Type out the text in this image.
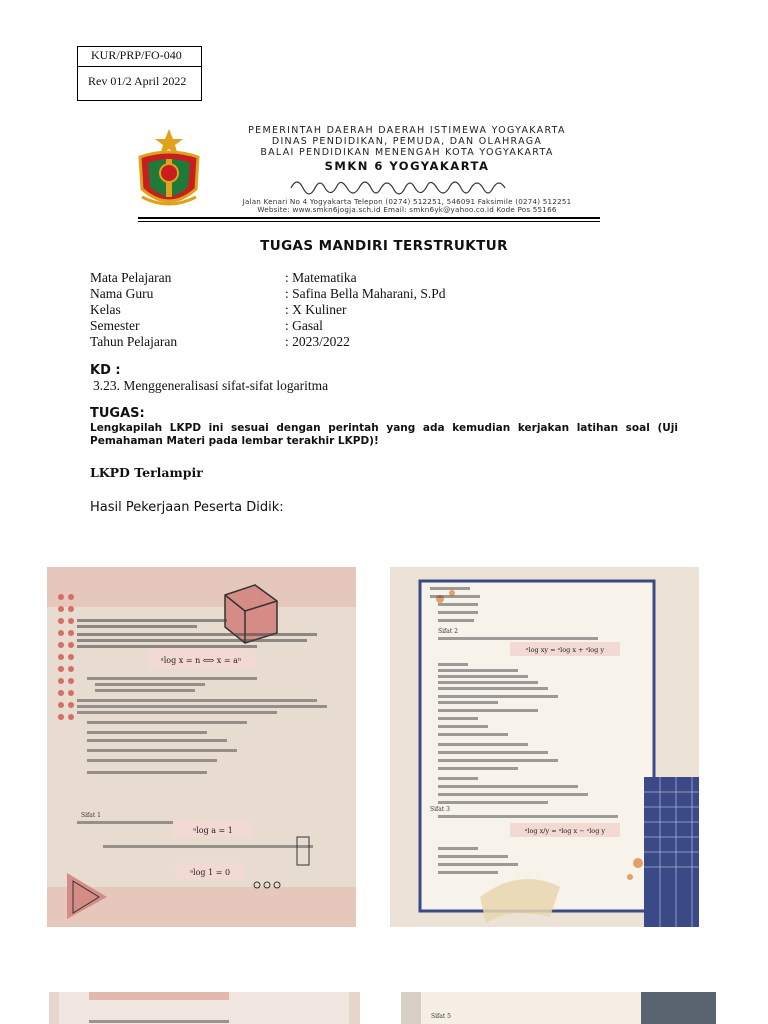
KUR/PRP/FO-040
Rev 01/2 April 2022
PEMERINTAH DAERAH DAERAH ISTIMEWA YOGYAKARTA
DINAS PENDIDIKAN, PEMUDA, DAN OLAHRAGA
BALAI PENDIDIKAN MENENGAH KOTA YOGYAKARTA
SMKN 6 YOGYAKARTA
Jalan Kenari No 4 Yogyakarta Telepon (0274) 512251, 546091 Faksimile (0274) 512251
Website: www.smkn6jogja.sch.id Email: smkn6yk@yahoo.co.id Kode Pos 55166
TUGAS MANDIRI TERSTRUKTUR
Mata Pelajaran	: Matematika
Nama Guru	: Safina Bella Maharani, S.Pd
Kelas	: X Kuliner
Semester	: Gasal
Tahun Pelajaran	: 2023/2022
KD :
3.23. Menggeneralisasi sifat-sifat logaritma
TUGAS:
Lengkapilah LKPD ini sesuai dengan perintah yang ada kemudian kerjakan latihan soal (Uji Pemahaman Materi pada lembar terakhir LKPD)!
LKPD Terlampir
Hasil Pekerjaan Peserta Didik:
ᵃlog x = n ⟺ x = aⁿ
Sifat 1
ᵃlog a = 1
ᵃlog 1 = 0
Sifat 2
ᵃlog xy = ᵃlog x + ᵃlog y
Sifat 3
ᵃlog x/y = ᵃlog x − ᵃlog y
Sifat 5
